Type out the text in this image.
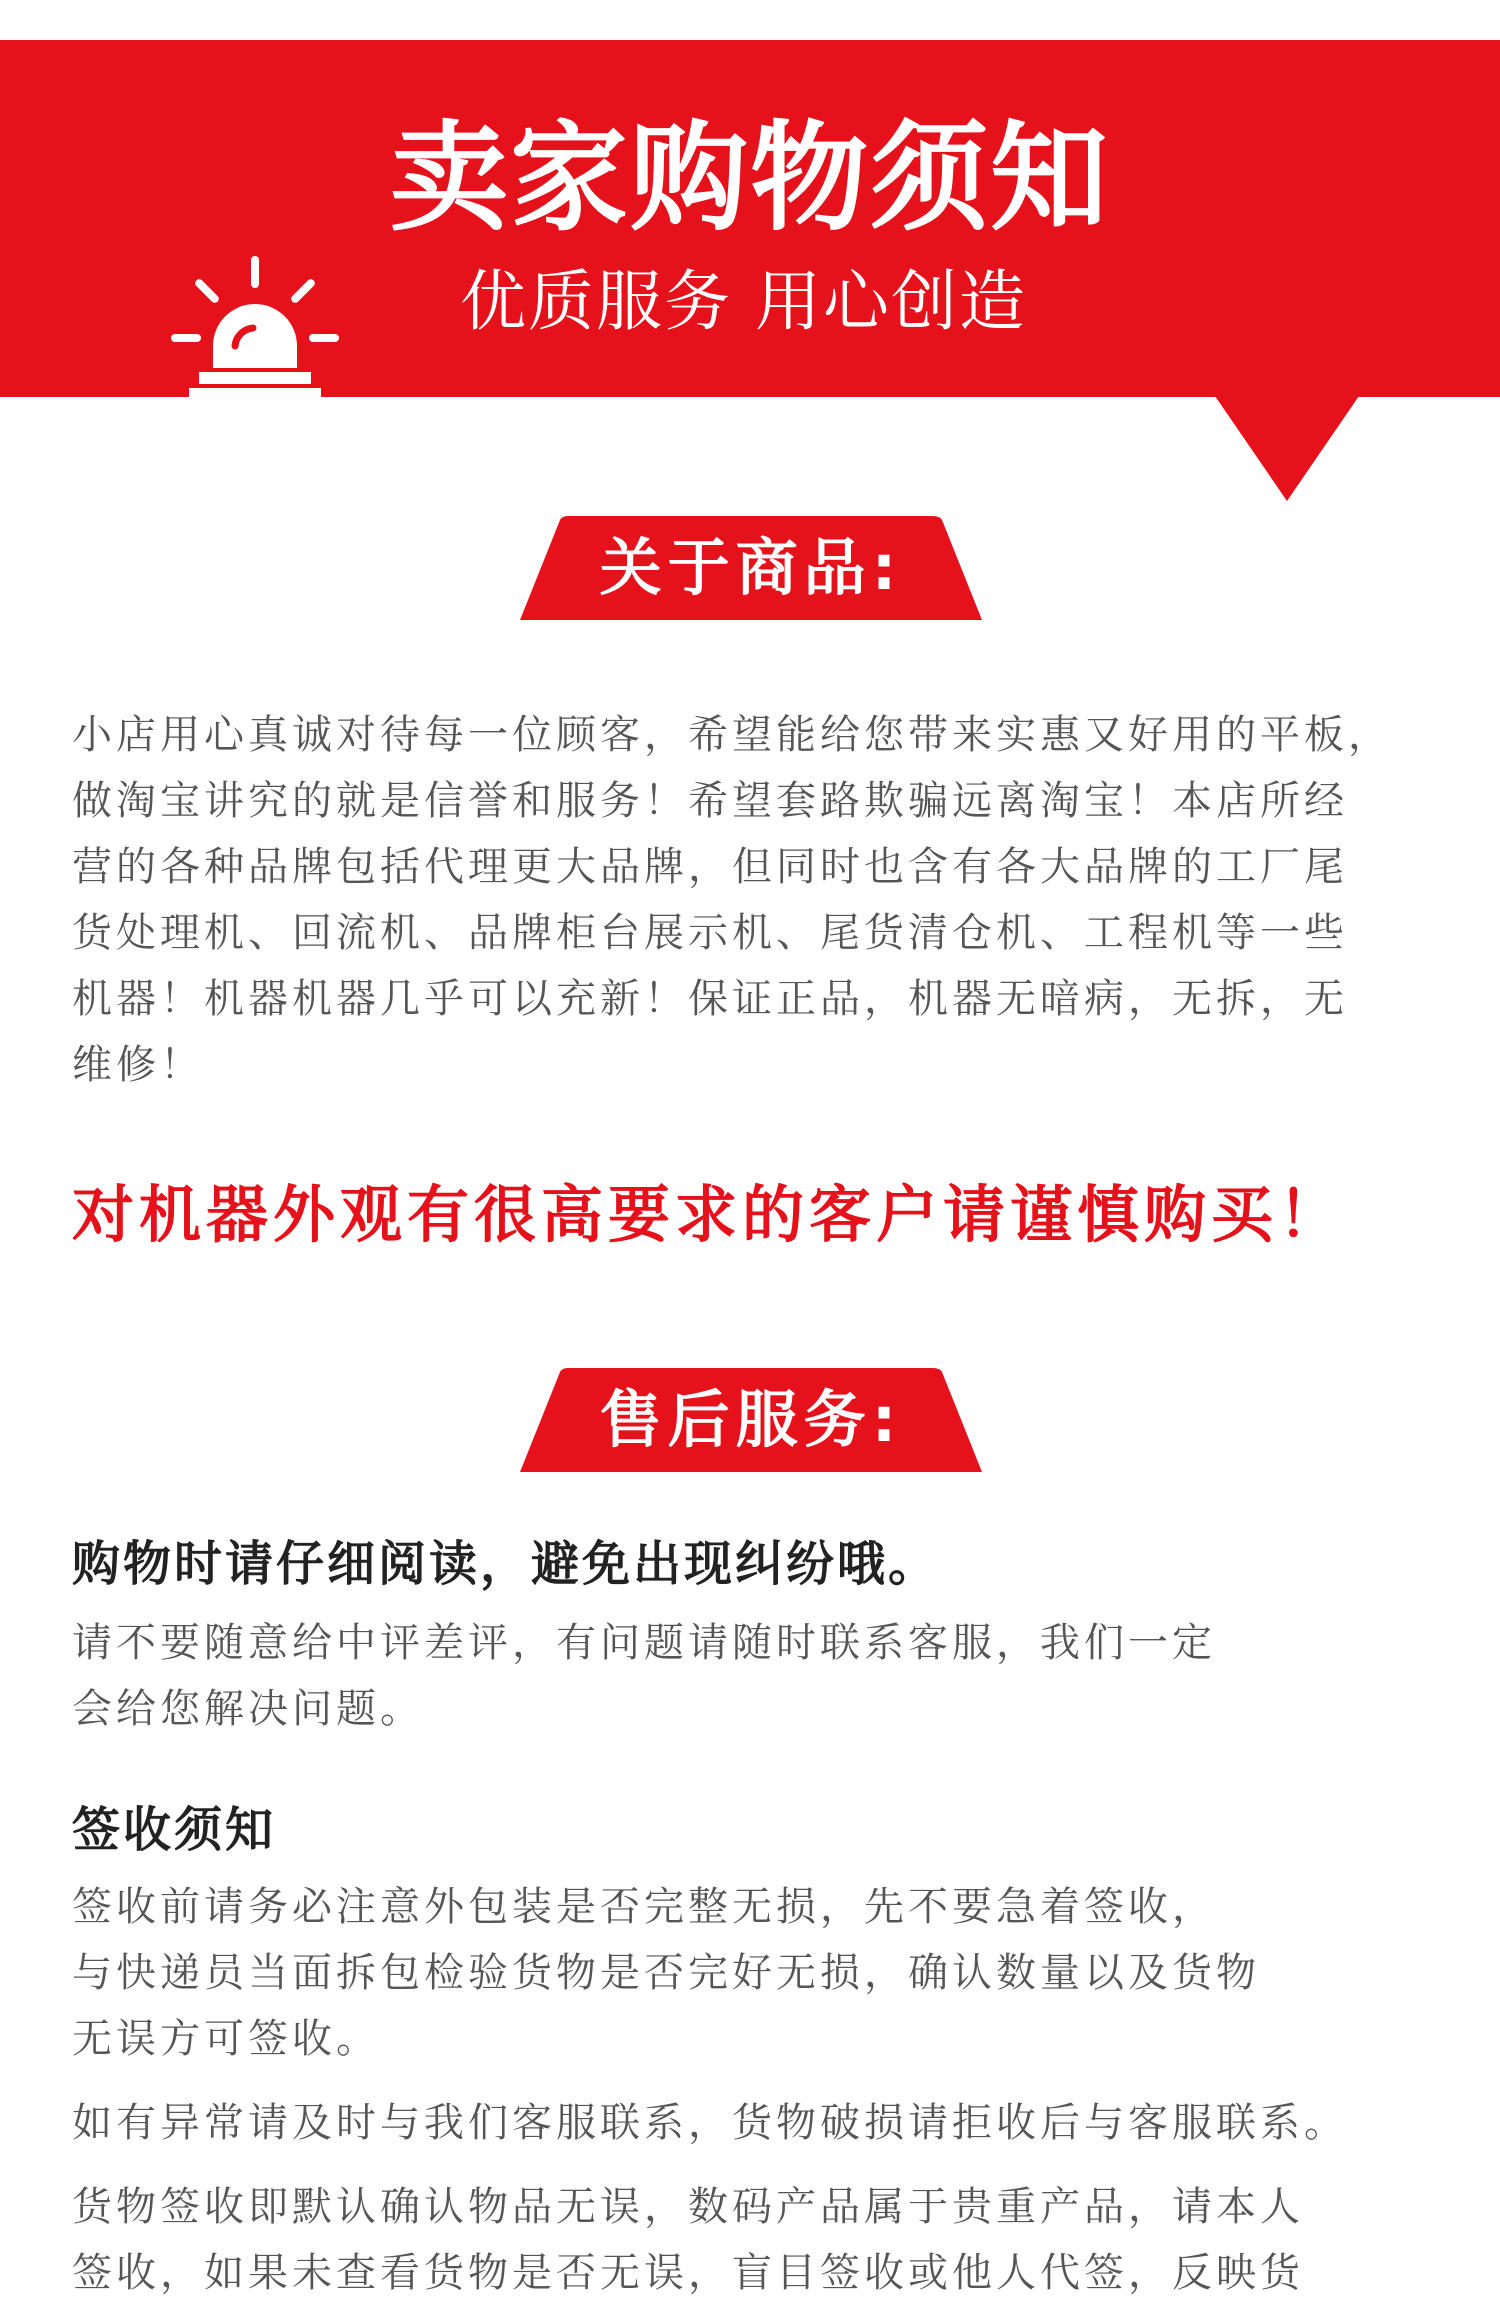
卖家购物须知
优质服务 用心创造
关于商品:
小店用心真诚对待每一位顾客，希望能给您带来实惠又好用的平板，
做淘宝讲究的就是信誉和服务！希望套路欺骗远离淘宝！本店所经
营的各种品牌包括代理更大品牌，但同时也含有各大品牌的工厂尾
货处理机、回流机、品牌柜台展示机、尾货清仓机、工程机等一些
机器！机器机器几乎可以充新！保证正品，机器无暗病，无拆，无
维修！
对机器外观有很高要求的客户请谨慎购买！
售后服务:
购物时请仔细阅读，避免出现纠纷哦。
请不要随意给中评差评，有问题请随时联系客服，我们一定
会给您解决问题。
签收须知
签收前请务必注意外包装是否完整无损，先不要急着签收，
与快递员当面拆包检验货物是否完好无损，确认数量以及货物
无误方可签收。
如有异常请及时与我们客服联系，货物破损请拒收后与客服联系。
货物签收即默认确认物品无误，数码产品属于贵重产品，请本人
签收，如果未查看货物是否无误，盲目签收或他人代签，反映货
